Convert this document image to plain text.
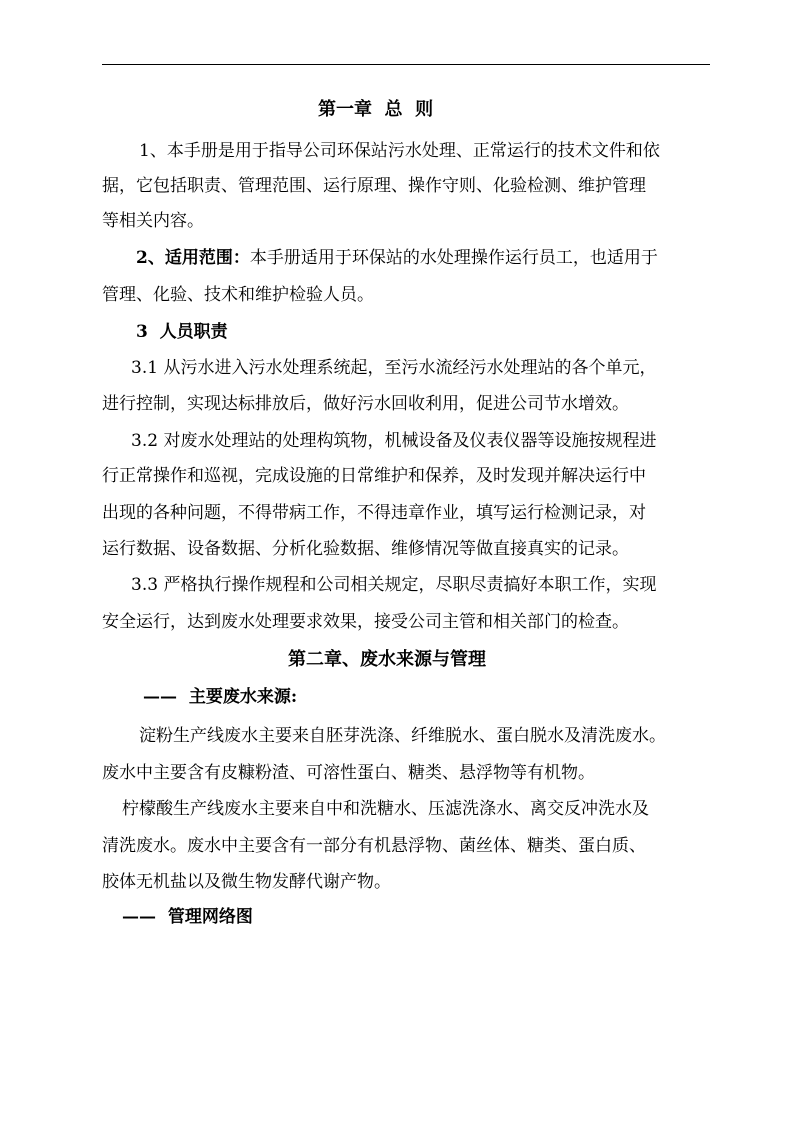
第一章  总  则
1、本手册是用于指导公司环保站污水处理、正常运行的技术文件和依
据，它包括职责、管理范围、运行原理、操作守则、化验检测、维护管理
等相关内容。
2、适用范围：本手册适用于环保站的水处理操作运行员工，也适用于
管理、化验、技术和维护检验人员。
3  人员职责
3.1 从污水进入污水处理系统起，至污水流经污水处理站的各个单元，
进行控制，实现达标排放后，做好污水回收利用，促进公司节水增效。
3.2 对废水处理站的处理构筑物，机械设备及仪表仪器等设施按规程进
行正常操作和巡视，完成设施的日常维护和保养，及时发现并解决运行中
出现的各种问题，不得带病工作，不得违章作业，填写运行检测记录，对
运行数据、设备数据、分析化验数据、维修情况等做直接真实的记录。
3.3 严格执行操作规程和公司相关规定，尽职尽责搞好本职工作，实现
安全运行，达到废水处理要求效果，接受公司主管和相关部门的检查。
第二章、废水来源与管理
——  主要废水来源:
淀粉生产线废水主要来自胚芽洗涤、纤维脱水、蛋白脱水及清洗废水。
废水中主要含有皮糠粉渣、可溶性蛋白、糖类、悬浮物等有机物。
柠檬酸生产线废水主要来自中和洗糖水、压滤洗涤水、离交反冲洗水及
清洗废水。废水中主要含有一部分有机悬浮物、菌丝体、糖类、蛋白质、
胶体无机盐以及微生物发酵代谢产物。
——  管理网络图
